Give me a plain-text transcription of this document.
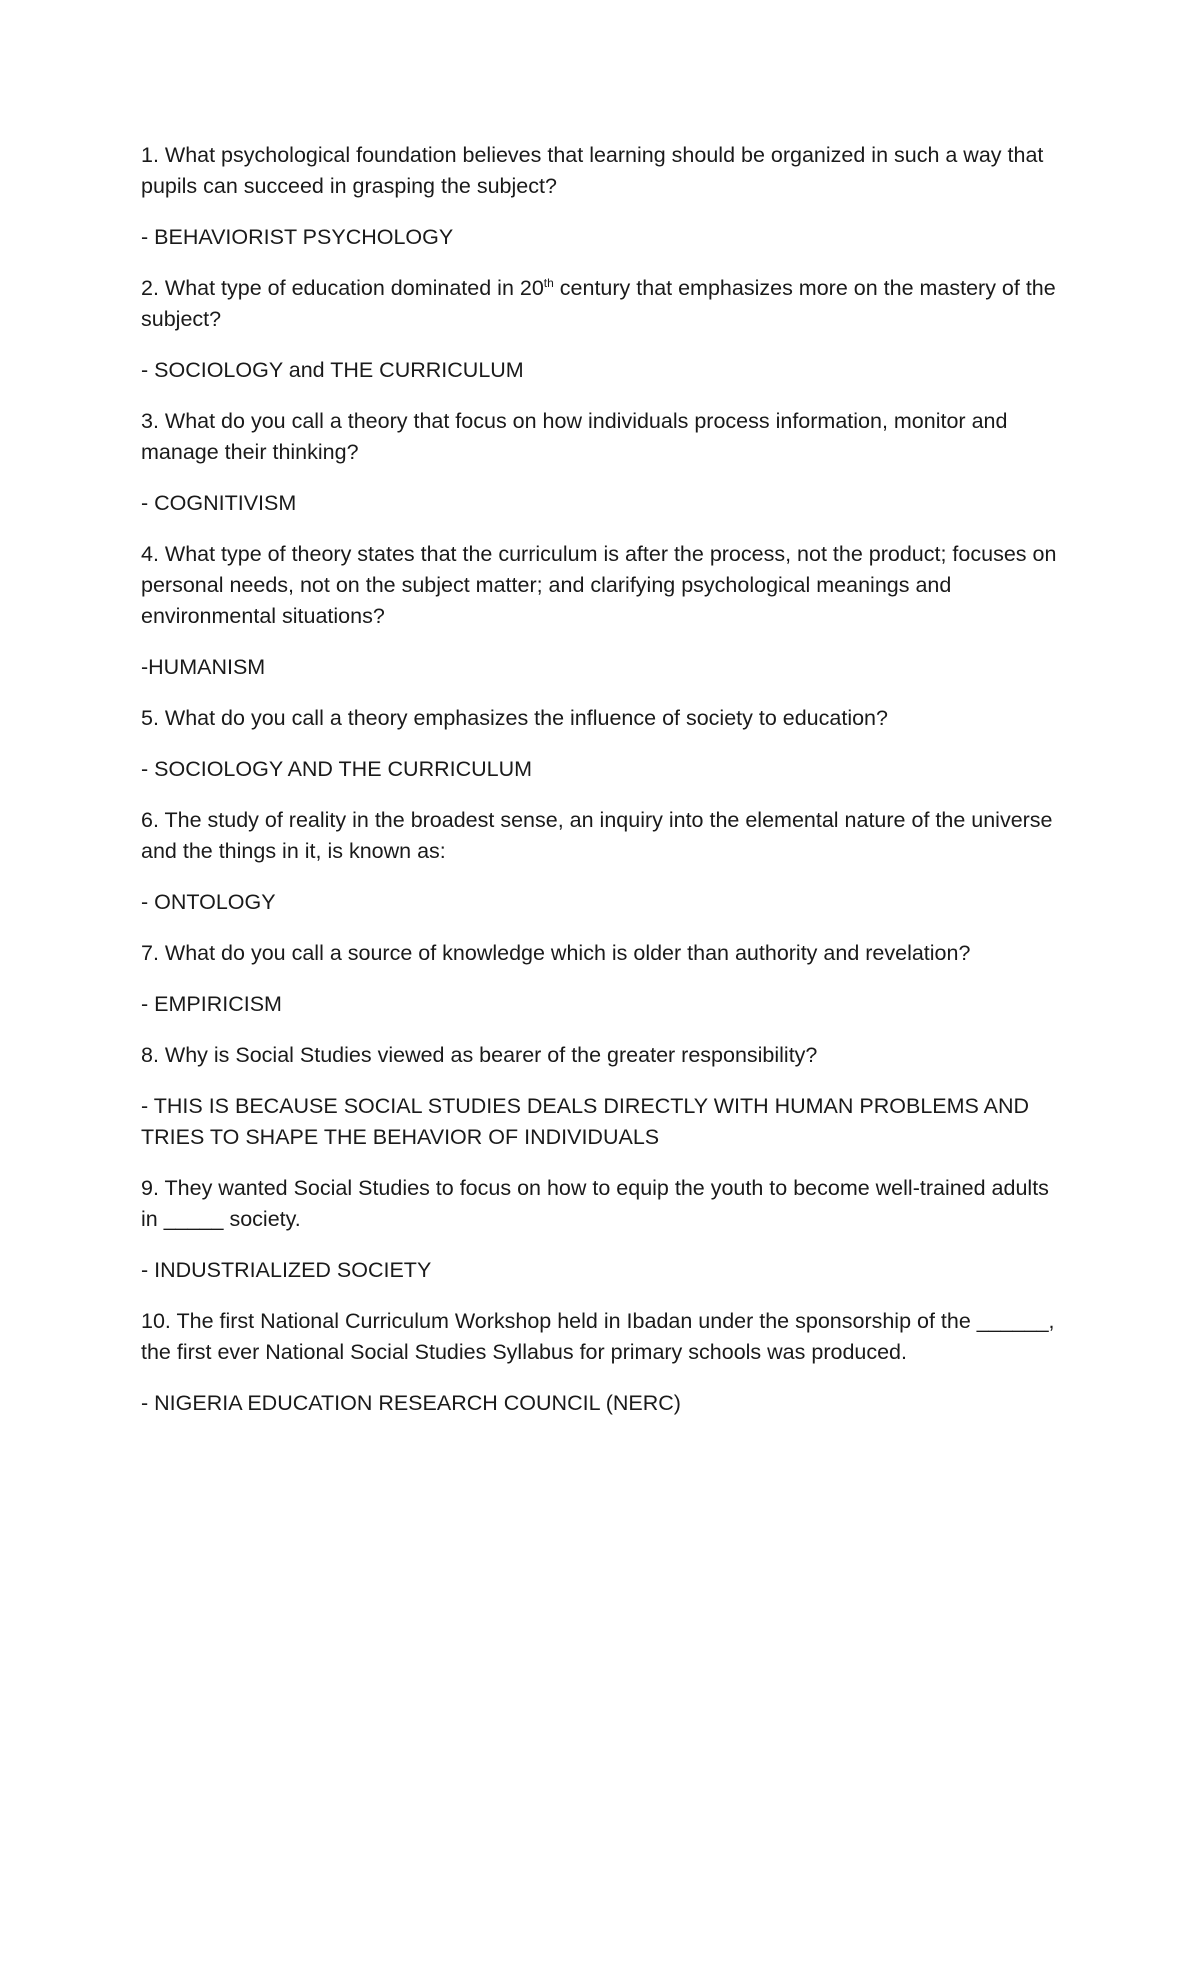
1. What psychological foundation believes that learning should be organized in such a way that pupils can succeed in grasping the subject?

- BEHAVIORIST PSYCHOLOGY

2. What type of education dominated in 20th century that emphasizes more on the mastery of the subject?

- SOCIOLOGY and THE CURRICULUM

3. What do you call a theory that focus on how individuals process information, monitor and manage their thinking?

- COGNITIVISM

4. What type of theory states that the curriculum is after the process, not the product; focuses on personal needs, not on the subject matter; and clarifying psychological meanings and environmental situations?

-HUMANISM

5. What do you call a theory emphasizes the influence of society to education?

- SOCIOLOGY AND THE CURRICULUM

6. The study of reality in the broadest sense, an inquiry into the elemental nature of the universe and the things in it, is known as:

- ONTOLOGY

7. What do you call a source of knowledge which is older than authority and revelation?

- EMPIRICISM

8. Why is Social Studies viewed as bearer of the greater responsibility?

- THIS IS BECAUSE SOCIAL STUDIES DEALS DIRECTLY WITH HUMAN PROBLEMS AND TRIES TO SHAPE THE BEHAVIOR OF INDIVIDUALS

9. They wanted Social Studies to focus on how to equip the youth to become well-trained adults in _____ society.

- INDUSTRIALIZED SOCIETY

10. The first National Curriculum Workshop held in Ibadan under the sponsorship of the ______, the first ever National Social Studies Syllabus for primary schools was produced.

- NIGERIA EDUCATION RESEARCH COUNCIL (NERC)
